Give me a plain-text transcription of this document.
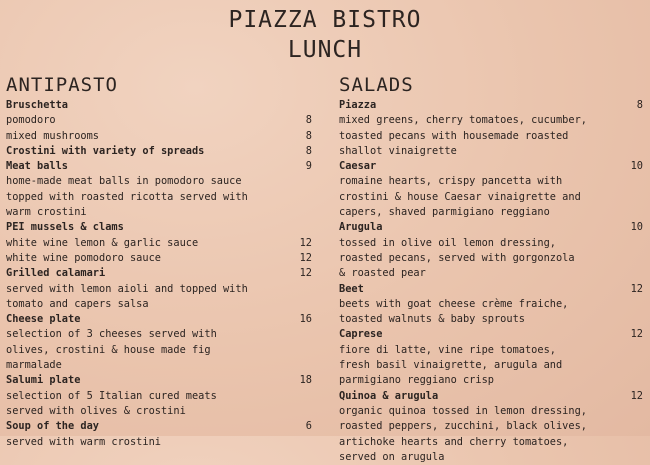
PIAZZA BISTRO
LUNCH
ANTIPASTO
Bruschetta
pomodoro	8
mixed mushrooms	8
Crostini with variety of spreads	8
Meat balls	9
home-made meat balls in pomodoro sauce
topped with roasted ricotta served with
warm crostini
PEI mussels & clams
white wine lemon & garlic sauce	12
white wine pomodoro sauce	12
Grilled calamari	12
served with lemon aioli and topped with
tomato and capers salsa
Cheese plate	16
selection of 3 cheeses served with
olives, crostini & house made fig
marmalade
Salumi plate	18
selection of 5 Italian cured meats
served with olives & crostini
Soup of the day	6
served with warm crostini
SALADS
Piazza	8
mixed greens, cherry tomatoes, cucumber,
toasted pecans with housemade roasted
shallot vinaigrette
Caesar	10
romaine hearts, crispy pancetta with
crostini & house Caesar vinaigrette and
capers, shaved parmigiano reggiano
Arugula	10
tossed in olive oil lemon dressing,
roasted pecans, served with gorgonzola
& roasted pear
Beet	12
beets with goat cheese crème fraiche,
toasted walnuts & baby sprouts
Caprese	12
fiore di latte, vine ripe tomatoes,
fresh basil vinaigrette, arugula and
parmigiano reggiano crisp
Quinoa & arugula	12
organic quinoa tossed in lemon dressing,
roasted peppers, zucchini, black olives,
artichoke hearts and cherry tomatoes,
served on arugula
